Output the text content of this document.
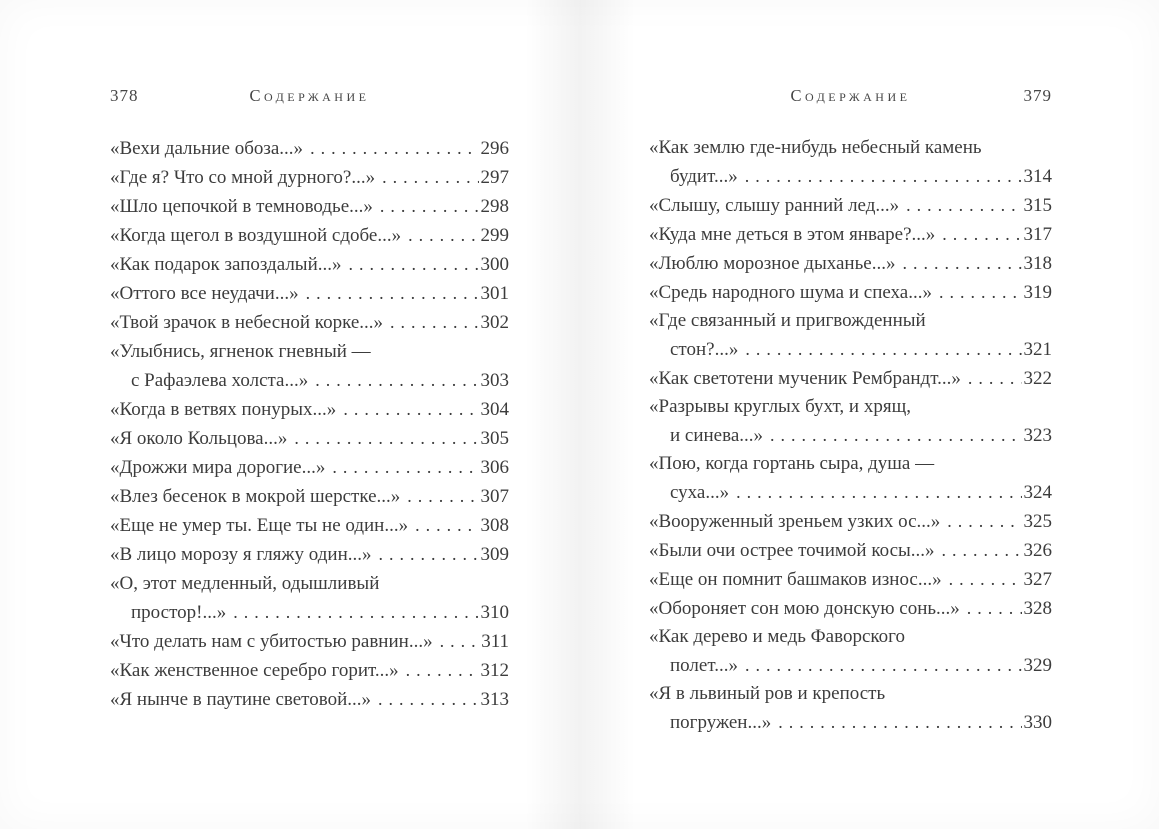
378	Содержание
«Вехи дальние обоза...» .....	296
«Где я? Что со мной дурного?...» .....	297
«Шло цепочкой в темноводье...» .....	298
«Когда щегол в воздушной сдобе...» .....	299
«Как подарок запоздалый...» .....	300
«Оттого все неудачи...» .....	301
«Твой зрачок в небесной корке...» .....	302
«Улыбнись, ягненок гневный —
с Рафаэлева холста...» .....	303
«Когда в ветвях понурых...» .....	304
«Я около Кольцова...» .....	305
«Дрожжи мира дорогие...» .....	306
«Влез бесенок в мокрой шерстке...» .....	307
«Еще не умер ты. Еще ты не один...» .....	308
«В лицо морозу я гляжу один...» .....	309
«О, этот медленный, одышливый
простор!...» .....	310
«Что делать нам с убитостью равнин...» .....	311
«Как женственное серебро горит...» .....	312
«Я нынче в паутине световой...» .....	313
Содержание	379
«Как землю где-нибудь небесный камень
будит...» .....	314
«Слышу, слышу ранний лед...» .....	315
«Куда мне деться в этом январе?...» .....	317
«Люблю морозное дыханье...» .....	318
«Средь народного шума и спеха...» .....	319
«Где связанный и пригвожденный
стон?...» .....	321
«Как светотени мученик Рембрандт...» .....	322
«Разрывы круглых бухт, и хрящ,
и синева...» .....	323
«Пою, когда гортань сыра, душа —
суха...» .....	324
«Вооруженный зреньем узких ос...» .....	325
«Были очи острее точимой косы...» .....	326
«Еще он помнит башмаков износ...» .....	327
«Обороняет сон мою донскую сонь...» .....	328
«Как дерево и медь Фаворского
полет...» .....	329
«Я в львиный ров и крепость
погружен...» .....	330
